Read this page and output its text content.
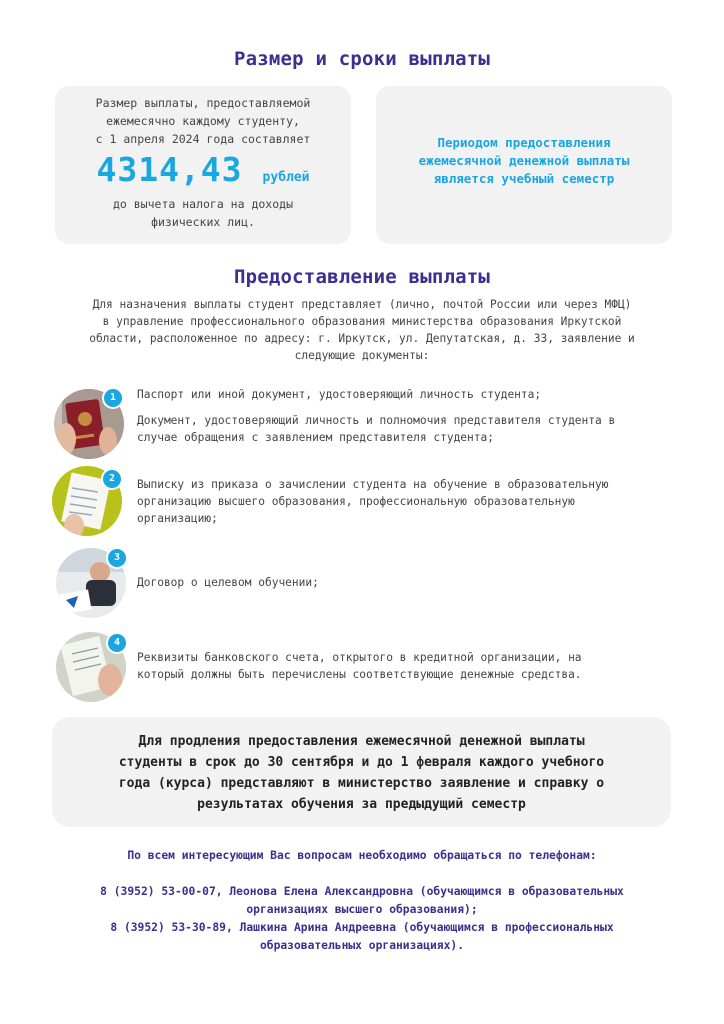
Размер и сроки выплаты
Размер выплаты, предоставляемой
ежемесячно каждому студенту,
с 1 апреля 2024 года составляет
4314,43 рублей
до вычета налога на доходы
физических лиц.
Периодом предоставления
ежемесячной денежной выплаты
является учебный семестр
Предоставление выплаты
Для назначения выплаты студент представляет (лично, почтой России или через МФЦ)
в управление профессионального образования министерства образования Иркутской
области, расположенное по адресу: г. Иркутск, ул. Депутатская, д. 33, заявление и
следующие документы:
1	Паспорт или иной документ, удостоверяющий личность студента;
Документ, удостоверяющий личность и полномочия представителя студента в
случае обращения с заявлением представителя студента;
2	Выписку из приказа о зачислении студента на обучение в образовательную
организацию высшего образования, профессиональную образовательную
организацию;
3
Договор о целевом обучении;
4
Реквизиты банковского счета, открытого в кредитной организации, на
который должны быть перечислены соответствующие денежные средства.
Для продления предоставления ежемесячной денежной выплаты
студенты в срок до 30 сентября и до 1 февраля каждого учебного
года (курса) представляют в министерство заявление и справку о
результатах обучения за предыдущий семестр
По всем интересующим Вас вопросам необходимо обращаться по телефонам:
8 (3952) 53-00-07, Леонова Елена Александровна (обучающимся в образовательных
организациях высшего образования);
8 (3952) 53-30-89, Лашкина Арина Андреевна (обучающимся в профессиональных
образовательных организациях).
